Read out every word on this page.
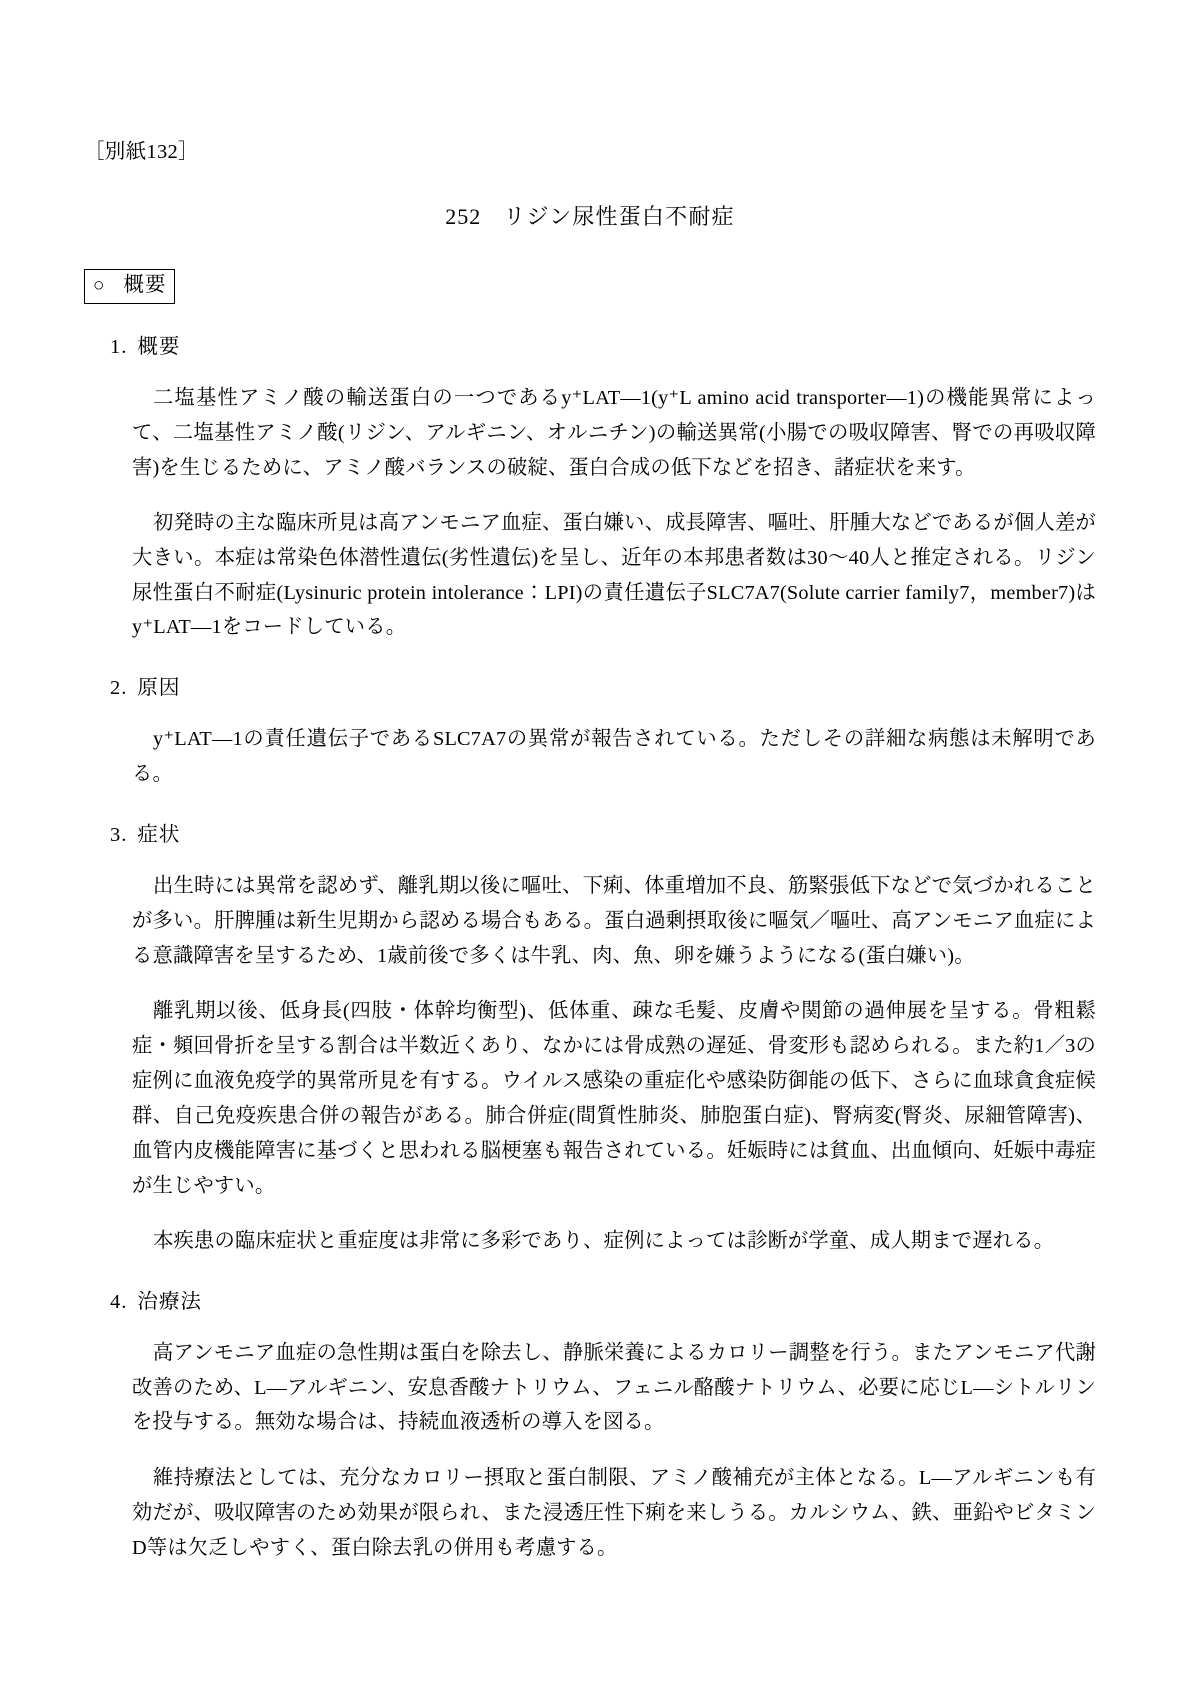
［別紙132］
252 リジン尿性蛋白不耐症
○ 概要
1. 概要

二塩基性アミノ酸の輸送蛋白の一つであるy⁺LAT—1(y⁺L amino acid transporter—1)の機能異常によって、二塩基性アミノ酸(リジン、アルギニン、オルニチン)の輸送異常(小腸での吸収障害、腎での再吸収障害)を生じるために、アミノ酸バランスの破綻、蛋白合成の低下などを招き、諸症状を来す。

初発時の主な臨床所見は高アンモニア血症、蛋白嫌い、成長障害、嘔吐、肝腫大などであるが個人差が大きい。本症は常染色体潜性遺伝(劣性遺伝)を呈し、近年の本邦患者数は30〜40人と推定される。リジン尿性蛋白不耐症(Lysinuric protein intolerance：LPI)の責任遺伝子SLC7A7(Solute carrier family7，member7)はy⁺LAT—1をコードしている。

2. 原因

y⁺LAT—1の責任遺伝子であるSLC7A7の異常が報告されている。ただしその詳細な病態は未解明である。

3. 症状

出生時には異常を認めず、離乳期以後に嘔吐、下痢、体重増加不良、筋緊張低下などで気づかれることが多い。肝脾腫は新生児期から認める場合もある。蛋白過剰摂取後に嘔気／嘔吐、高アンモニア血症による意識障害を呈するため、1歳前後で多くは牛乳、肉、魚、卵を嫌うようになる(蛋白嫌い)。

離乳期以後、低身長(四肢・体幹均衡型)、低体重、疎な毛髪、皮膚や関節の過伸展を呈する。骨粗鬆症・頻回骨折を呈する割合は半数近くあり、なかには骨成熟の遅延、骨変形も認められる。また約1／3の症例に血液免疫学的異常所見を有する。ウイルス感染の重症化や感染防御能の低下、さらに血球貪食症候群、自己免疫疾患合併の報告がある。肺合併症(間質性肺炎、肺胞蛋白症)、腎病変(腎炎、尿細管障害)、血管内皮機能障害に基づくと思われる脳梗塞も報告されている。妊娠時には貧血、出血傾向、妊娠中毒症が生じやすい。

本疾患の臨床症状と重症度は非常に多彩であり、症例によっては診断が学童、成人期まで遅れる。

4. 治療法

高アンモニア血症の急性期は蛋白を除去し、静脈栄養によるカロリー調整を行う。またアンモニア代謝改善のため、L—アルギニン、安息香酸ナトリウム、フェニル酪酸ナトリウム、必要に応じL—シトルリンを投与する。無効な場合は、持続血液透析の導入を図る。

維持療法としては、充分なカロリー摂取と蛋白制限、アミノ酸補充が主体となる。L—アルギニンも有効だが、吸収障害のため効果が限られ、また浸透圧性下痢を来しうる。カルシウム、鉄、亜鉛やビタミンD等は欠乏しやすく、蛋白除去乳の併用も考慮する。
